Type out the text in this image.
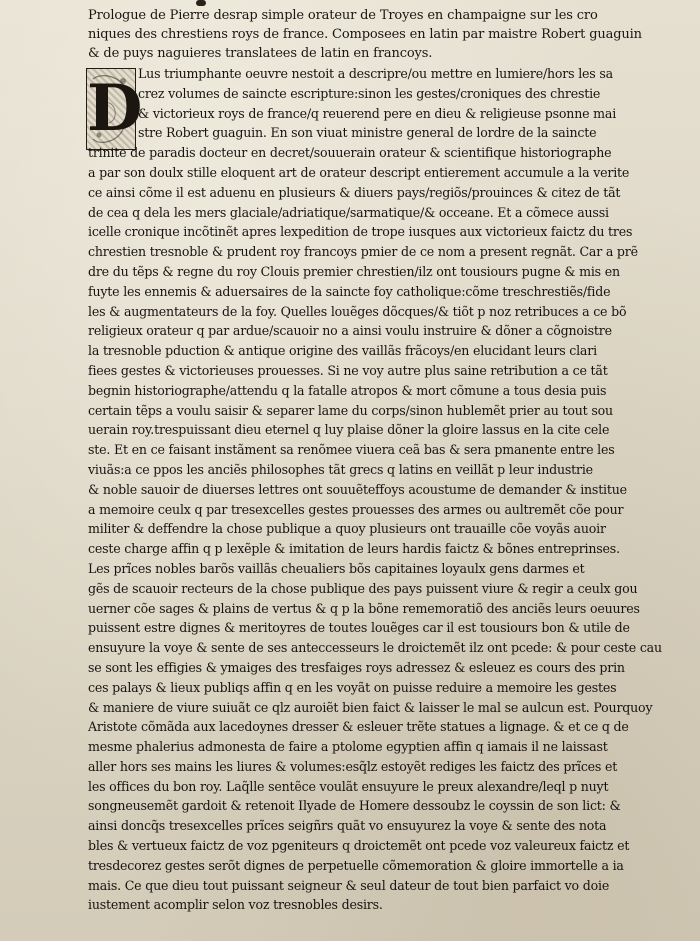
Prologue de Pierre desrap simple orateur de Troyes en champaigne sur les cro
niques des chrestiens roys de france. Composees en latin par maistre Robert guaguin
& de puys naguieres translatees de latin en francoys.
D
Lus triumphante oeuvre nestoit a descripre/ou mettre en lumiere/hors les sa
crez volumes de saincte escripture:sinon les gestes/croniques des chrestie
& victorieux roys de france/q reuerend pere en dieu & religieuse psonne mai
stre Robert guaguin. En son viuat ministre general de lordre de la saincte
trinite de paradis docteur en decret/souuerain orateur & scientifique historiographe
a par son doulx stille eloquent art de orateur descript entierement accumule a la verite
ce ainsi cõme il est aduenu en plusieurs & diuers pays/regiõs/prouinces & citez de tãt
de cea q dela les mers glaciale/adriatique/sarmatique/& occeane. Et a cõmece aussi
icelle cronique incõtinẽt apres lexpedition de trope iusques aux victorieux faictz du tres
chrestien tresnoble & prudent roy francoys pmier de ce nom a present regnãt. Car a prẽ
dre du tẽps & regne du roy Clouis premier chrestien/ilz ont tousiours pugne & mis en
fuyte les ennemis & aduersaires de la saincte foy catholique:cõme treschrestiẽs/fide
les & augmentateurs de la foy. Quelles louẽges dõcques/& tiõt p noz retribuces a ce bõ
religieux orateur q par ardue/scauoir no a ainsi voulu instruire & dõner a cõgnoistre
la tresnoble pduction & antique origine des vaillãs frãcoys/en elucidant leurs clari
fiees gestes & victorieuses prouesses. Si ne voy autre plus saine retribution a ce tãt
begnin historiographe/attendu q la fatalle atropos & mort cõmune a tous desia puis
certain tẽps a voulu saisir & separer lame du corps/sinon hublemẽt prier au tout sou
uerain roy.trespuissant dieu eternel q luy plaise dõner la gloire lassus en la cite cele
ste. Et en ce faisant instãment sa renõmee viuera ceã bas & sera pmanente entre les
viuãs:a ce ppos les anciẽs philosophes tãt grecs q latins en veillãt p leur industrie
& noble sauoir de diuerses lettres ont souuẽteffoys acoustume de demander & institue
a memoire ceulx q par tresexcelles gestes prouesses des armes ou aultremẽt cõe pour
militer & deffendre la chose publique a quoy plusieurs ont trauaille cõe voyãs auoir
ceste charge affin q p lexẽple & imitation de leurs hardis faictz & bõnes entreprinses.
Les prĩces nobles barõs vaillãs cheualiers bõs capitaines loyaulx gens darmes et
gẽs de scauoir recteurs de la chose publique des pays puissent viure & regir a ceulx gou
uerner cõe sages & plains de vertus & q p la bõne rememoratiõ des anciẽs leurs oeuures
puissent estre dignes & meritoyres de toutes louẽges car il est tousiours bon & utile de
ensuyure la voye & sente de ses anteccesseurs le droictemẽt ilz ont pcede: & pour ceste cau
se sont les effigies & ymaiges des tresfaiges roys adressez & esleuez es cours des prin
ces palays & lieux publiqs affin q en les voyãt on puisse reduire a memoire les gestes
& maniere de viure suiuãt ce qlz auroiẽt bien faict & laisser le mal se aulcun est. Pourquoy
Aristote cõmãda aux lacedoynes dresser & esleuer trẽte statues a lignage. & et ce q de
mesme phalerius admonesta de faire a ptolome egyptien affin q iamais il ne laissast
aller hors ses mains les liures & volumes:esq̃lz estoyẽt rediges les faictz des prĩces et
les offices du bon roy. Laq̃lle sentẽce voulãt ensuyure le preux alexandre/leql p nuyt
songneusemẽt gardoit & retenoit Ilyade de Homere dessoubz le coyssin de son lict: &
ainsi doncq̃s tresexcelles prĩces seigñrs quãt vo ensuyurez la voye & sente des nota
bles & vertueux faictz de voz pgeniteurs q droictemẽt ont pcede voz valeureux faictz et
tresdecorez gestes serõt dignes de perpetuelle cõmemoration & gloire immortelle a ia
mais. Ce que dieu tout puissant seigneur & seul dateur de tout bien parfaict vo doie
iustement acomplir selon voz tresnobles desirs.
